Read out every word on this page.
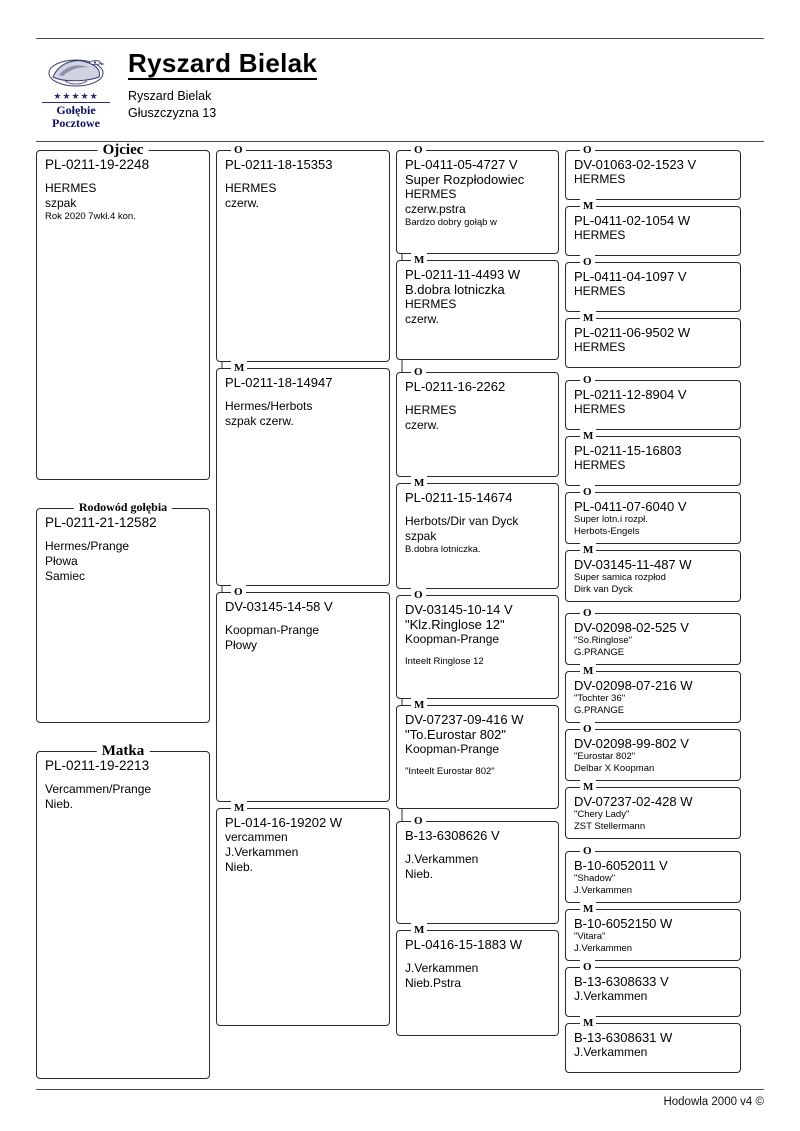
★★★★★
Gołębie
Pocztowe
Ryszard Bielak
Ryszard Bielak
Głuszczyzna 13
Ojciec
PL-0211-19-2248
HERMES
szpak
Rok 2020 7wkł.4 kon.
Rodowód gołębia
PL-0211-21-12582
Hermes/Prange
Płowa
Samiec
Matka
PL-0211-19-2213
Vercammen/Prange
Nieb.
O
PL-0211-18-15353
HERMES
czerw.
M
PL-0211-18-14947
Hermes/Herbots
szpak czerw.
O
DV-03145-14-58 V
Koopman-Prange
Płowy
M
PL-014-16-19202 W
vercammen
J.Verkammen
Nieb.
O
PL-0411-05-4727 V
Super Rozpłodowiec
HERMES
czerw.pstra
Bardzo dobry gołąb w
M
PL-0211-11-4493 W
B.dobra lotniczka
HERMES
czerw.
O
PL-0211-16-2262
HERMES
czerw.
M
PL-0211-15-14674
Herbots/Dir van Dyck
szpak
B.dobra lotniczka.
O
DV-03145-10-14 V
"Klz.Ringlose 12"
Koopman-Prange
Inteelt Ringlose 12
M
DV-07237-09-416 W
"To.Eurostar 802"
Koopman-Prange
"Inteelt Eurostar 802"
O
B-13-6308626 V
J.Verkammen
Nieb.
M
PL-0416-15-1883 W
J.Verkammen
Nieb.Pstra
O
DV-01063-02-1523 V
HERMES
M
PL-0411-02-1054 W
HERMES
O
PL-0411-04-1097 V
HERMES
M
PL-0211-06-9502 W
HERMES
O
PL-0211-12-8904 V
HERMES
M
PL-0211-15-16803
HERMES
O
PL-0411-07-6040 V
Super lotn.i rozpł.
Herbots-Engels
M
DV-03145-11-487 W
Super samica rozpłod
Dirk van Dyck
O
DV-02098-02-525 V
"So.Ringlose"
G.PRANGE
M
DV-02098-07-216 W
"Tochter 36"
G.PRANGE
O
DV-02098-99-802 V
"Eurostar 802"
Delbar X Koopman
M
DV-07237-02-428 W
"Chery Lady"
ZST Stellermann
O
B-10-6052011 V
"Shadow"
J.Verkammen
M
B-10-6052150 W
"Vitara"
J.Verkammen
O
B-13-6308633 V
J.Verkammen
M
B-13-6308631 W
J.Verkammen
Hodowla 2000 v4 ©
